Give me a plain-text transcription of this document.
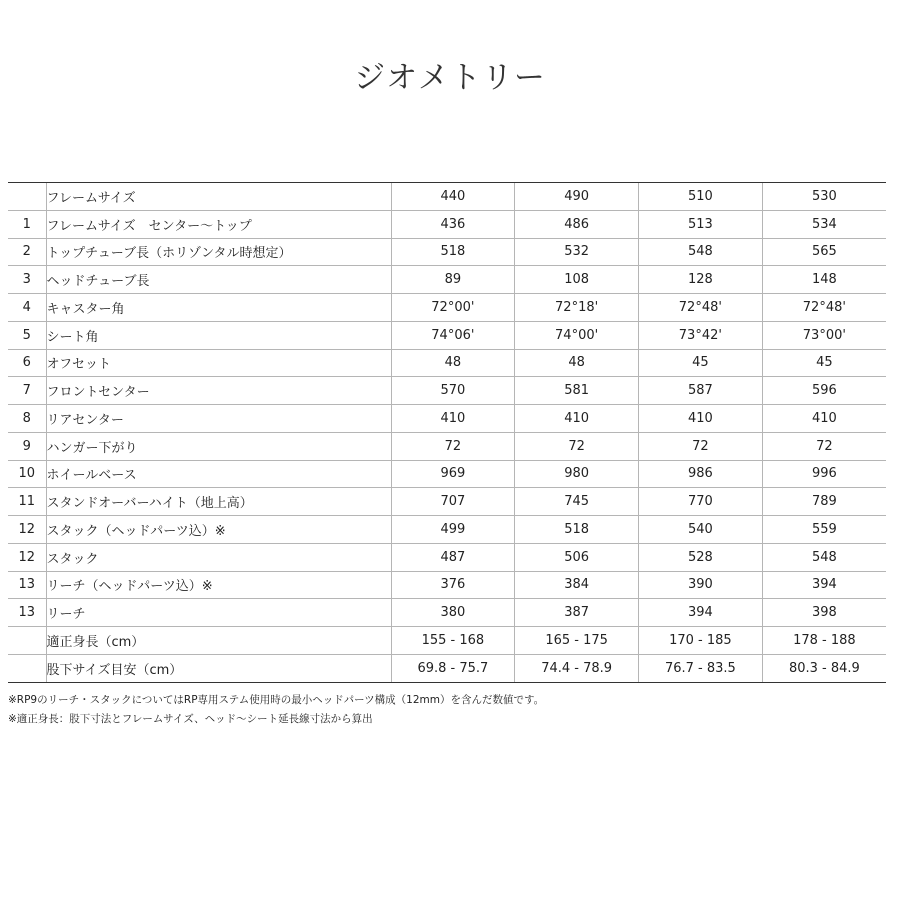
ジオメトリー
	フレームサイズ	440	490	510	530
1	フレームサイズ　センター〜トップ	436	486	513	534
2	トップチューブ長（ホリゾンタル時想定）	518	532	548	565
3	ヘッドチューブ長	89	108	128	148
4	キャスター角	72°00'	72°18'	72°48'	72°48'
5	シート角	74°06'	74°00'	73°42'	73°00'
6	オフセット	48	48	45	45
7	フロントセンター	570	581	587	596
8	リアセンター	410	410	410	410
9	ハンガー下がり	72	72	72	72
10	ホイールベース	969	980	986	996
11	スタンドオーバーハイト（地上高）	707	745	770	789
12	スタック（ヘッドパーツ込）※	499	518	540	559
12	スタック	487	506	528	548
13	リーチ（ヘッドパーツ込）※	376	384	390	394
13	リーチ	380	387	394	398
	適正身長（cm）	155 - 168	165 - 175	170 - 185	178 - 188
	股下サイズ目安（cm）	69.8 - 75.7	74.4 - 78.9	76.7 - 83.5	80.3 - 84.9
※RP9のリーチ・スタックについてはRP専用ステム使用時の最小ヘッドパーツ構成（12mm）を含んだ数値です。
※適正身長：股下寸法とフレームサイズ、ヘッド〜シート延長線寸法から算出
